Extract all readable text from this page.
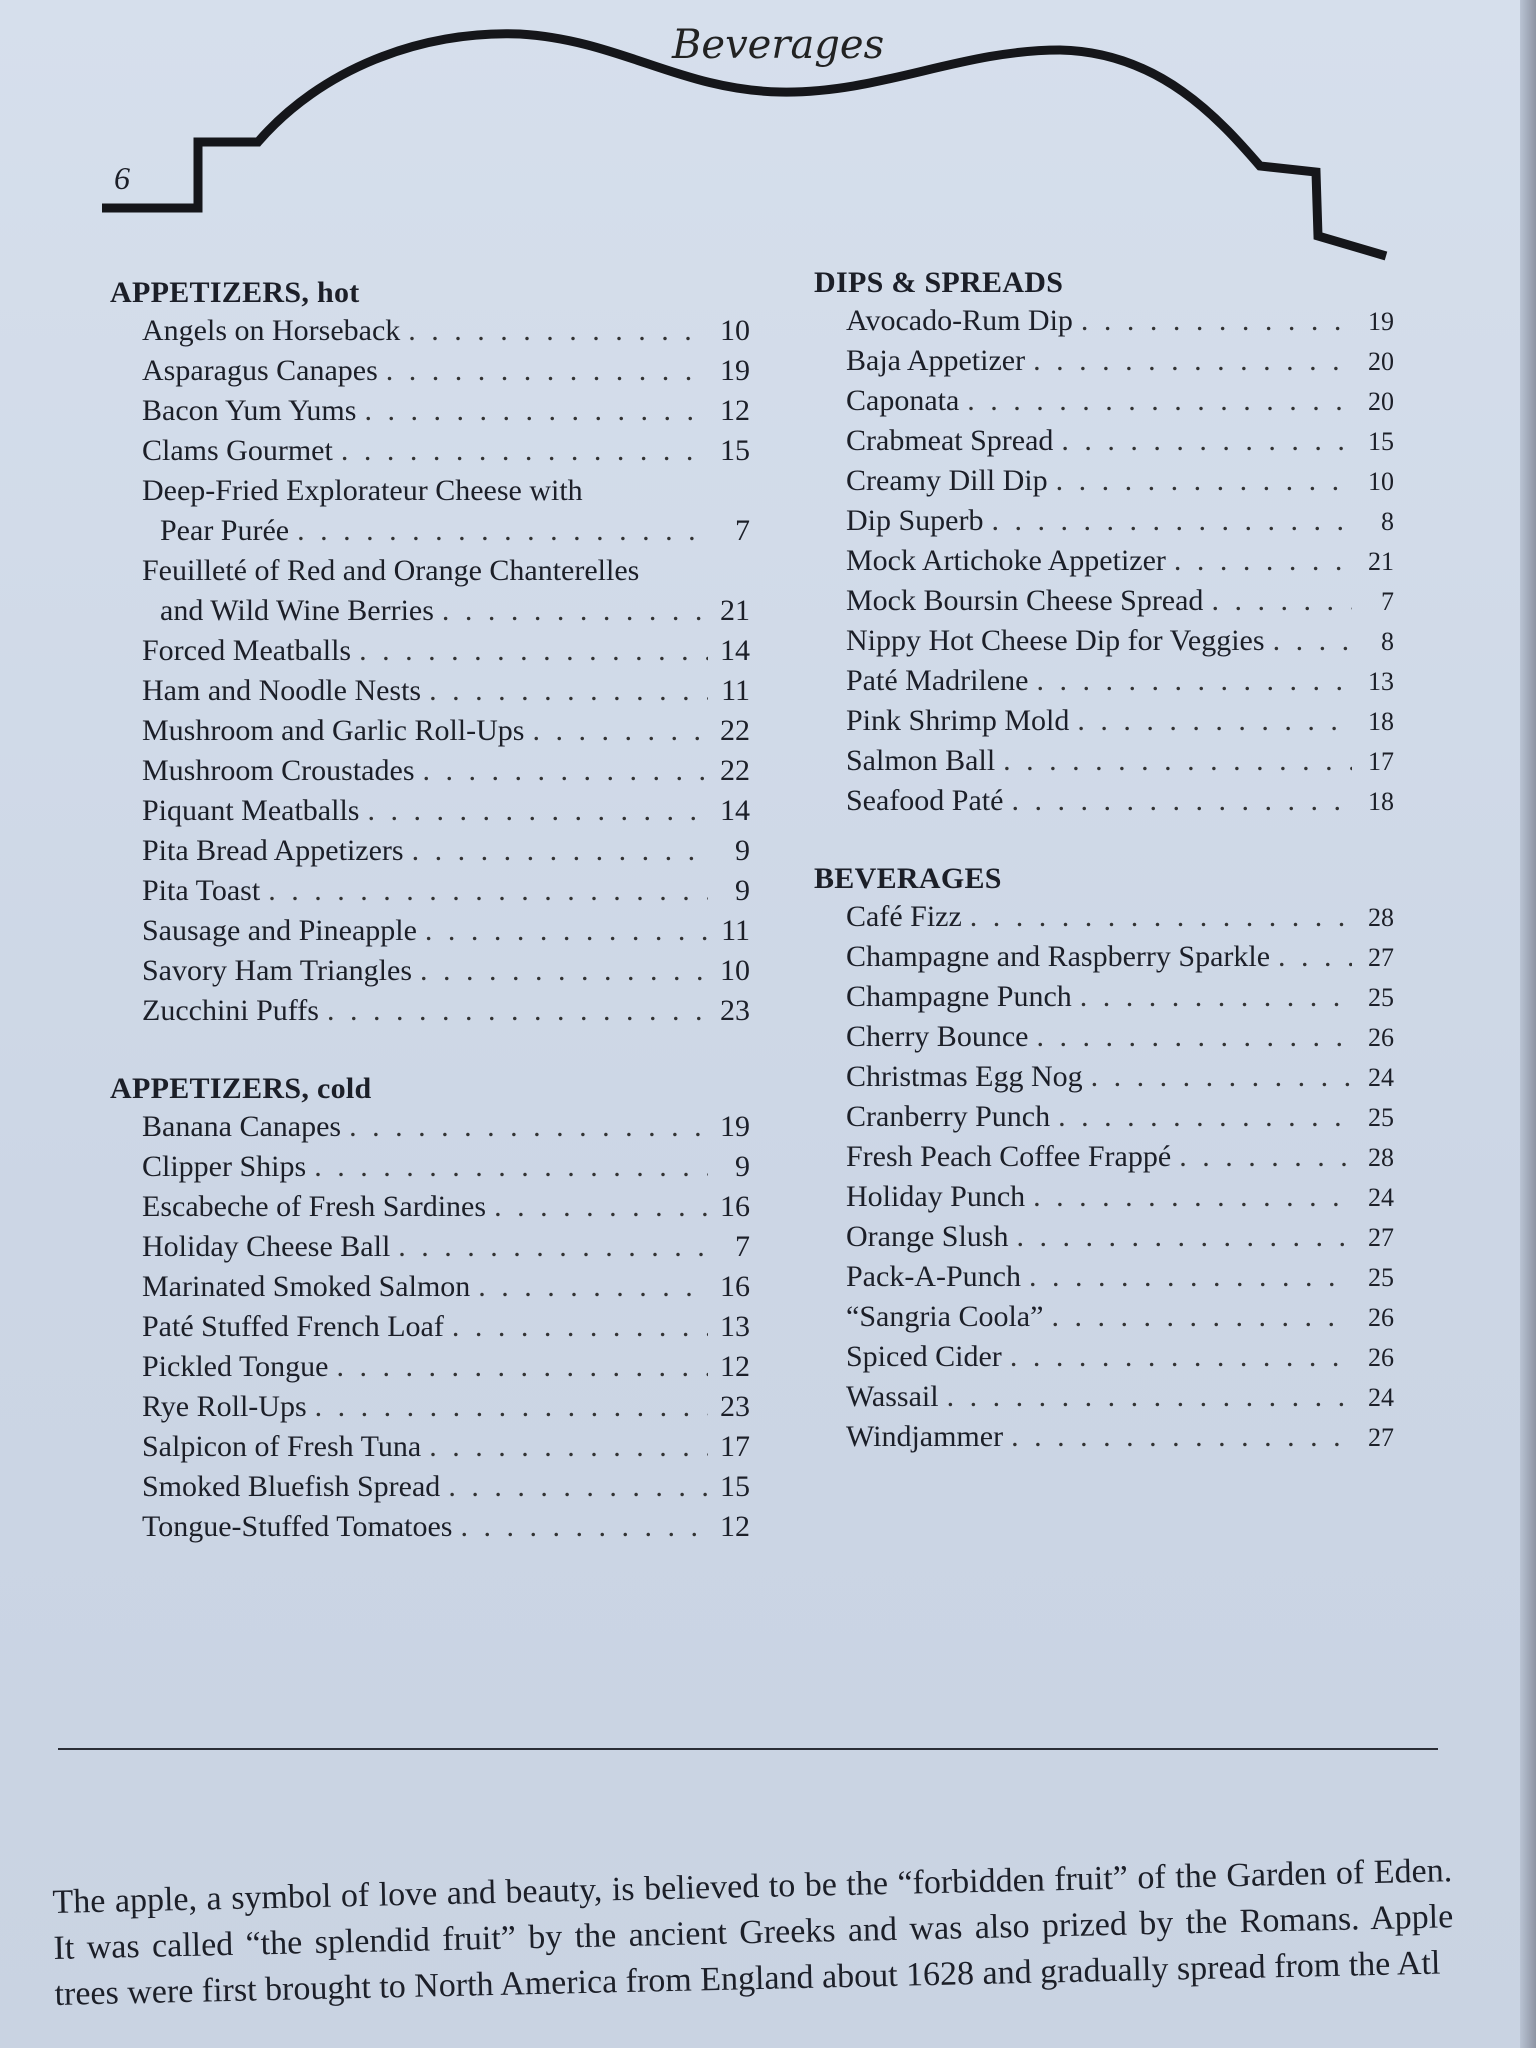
Beverages
6
APPETIZERS, hot
Angels on Horseback . . .	10
Asparagus Canapes . . .	19
Bacon Yum Yums . . .	12
Clams Gourmet . . .	15
Deep-Fried Explorateur Cheese with
Pear Purée . . .	7
Feuilleté of Red and Orange Chanterelles
and Wild Wine Berries . . .	21
Forced Meatballs . . .	14
Ham and Noodle Nests . . .	11
Mushroom and Garlic Roll-Ups . . .	22
Mushroom Croustades . . .	22
Piquant Meatballs . . .	14
Pita Bread Appetizers . . .	9
Pita Toast . . .	9
Sausage and Pineapple . . .	11
Savory Ham Triangles . . .	10
Zucchini Puffs . . .	23
APPETIZERS, cold
Banana Canapes . . .	19
Clipper Ships . . .	9
Escabeche of Fresh Sardines . . .	16
Holiday Cheese Ball . . .	7
Marinated Smoked Salmon . . .	16
Paté Stuffed French Loaf . . .	13
Pickled Tongue . . .	12
Rye Roll-Ups . . .	23
Salpicon of Fresh Tuna . . .	17
Smoked Bluefish Spread . . .	15
Tongue-Stuffed Tomatoes . . .	12
DIPS & SPREADS
Avocado-Rum Dip . . .	19
Baja Appetizer . . .	20
Caponata . . .	20
Crabmeat Spread . . .	15
Creamy Dill Dip . . .	10
Dip Superb . . .	8
Mock Artichoke Appetizer . . .	21
Mock Boursin Cheese Spread . . .	7
Nippy Hot Cheese Dip for Veggies . . .	8
Paté Madrilene . . .	13
Pink Shrimp Mold . . .	18
Salmon Ball . . .	17
Seafood Paté . . .	18
BEVERAGES
Café Fizz . . .	28
Champagne and Raspberry Sparkle . . .	27
Champagne Punch . . .	25
Cherry Bounce . . .	26
Christmas Egg Nog . . .	24
Cranberry Punch . . .	25
Fresh Peach Coffee Frappé . . .	28
Holiday Punch . . .	24
Orange Slush . . .	27
Pack-A-Punch . . .	25
“Sangria Coola” . . .	26
Spiced Cider . . .	26
Wassail . . .	24
Windjammer . . .	27
The apple, a symbol of love and beauty, is believed to be the “forbidden fruit” of the Garden of Eden. It was called “the splendid fruit” by the ancient Greeks and was also prized by the Romans. Apple trees were first brought to North America from England about 1628 and gradually spread from the Atl
